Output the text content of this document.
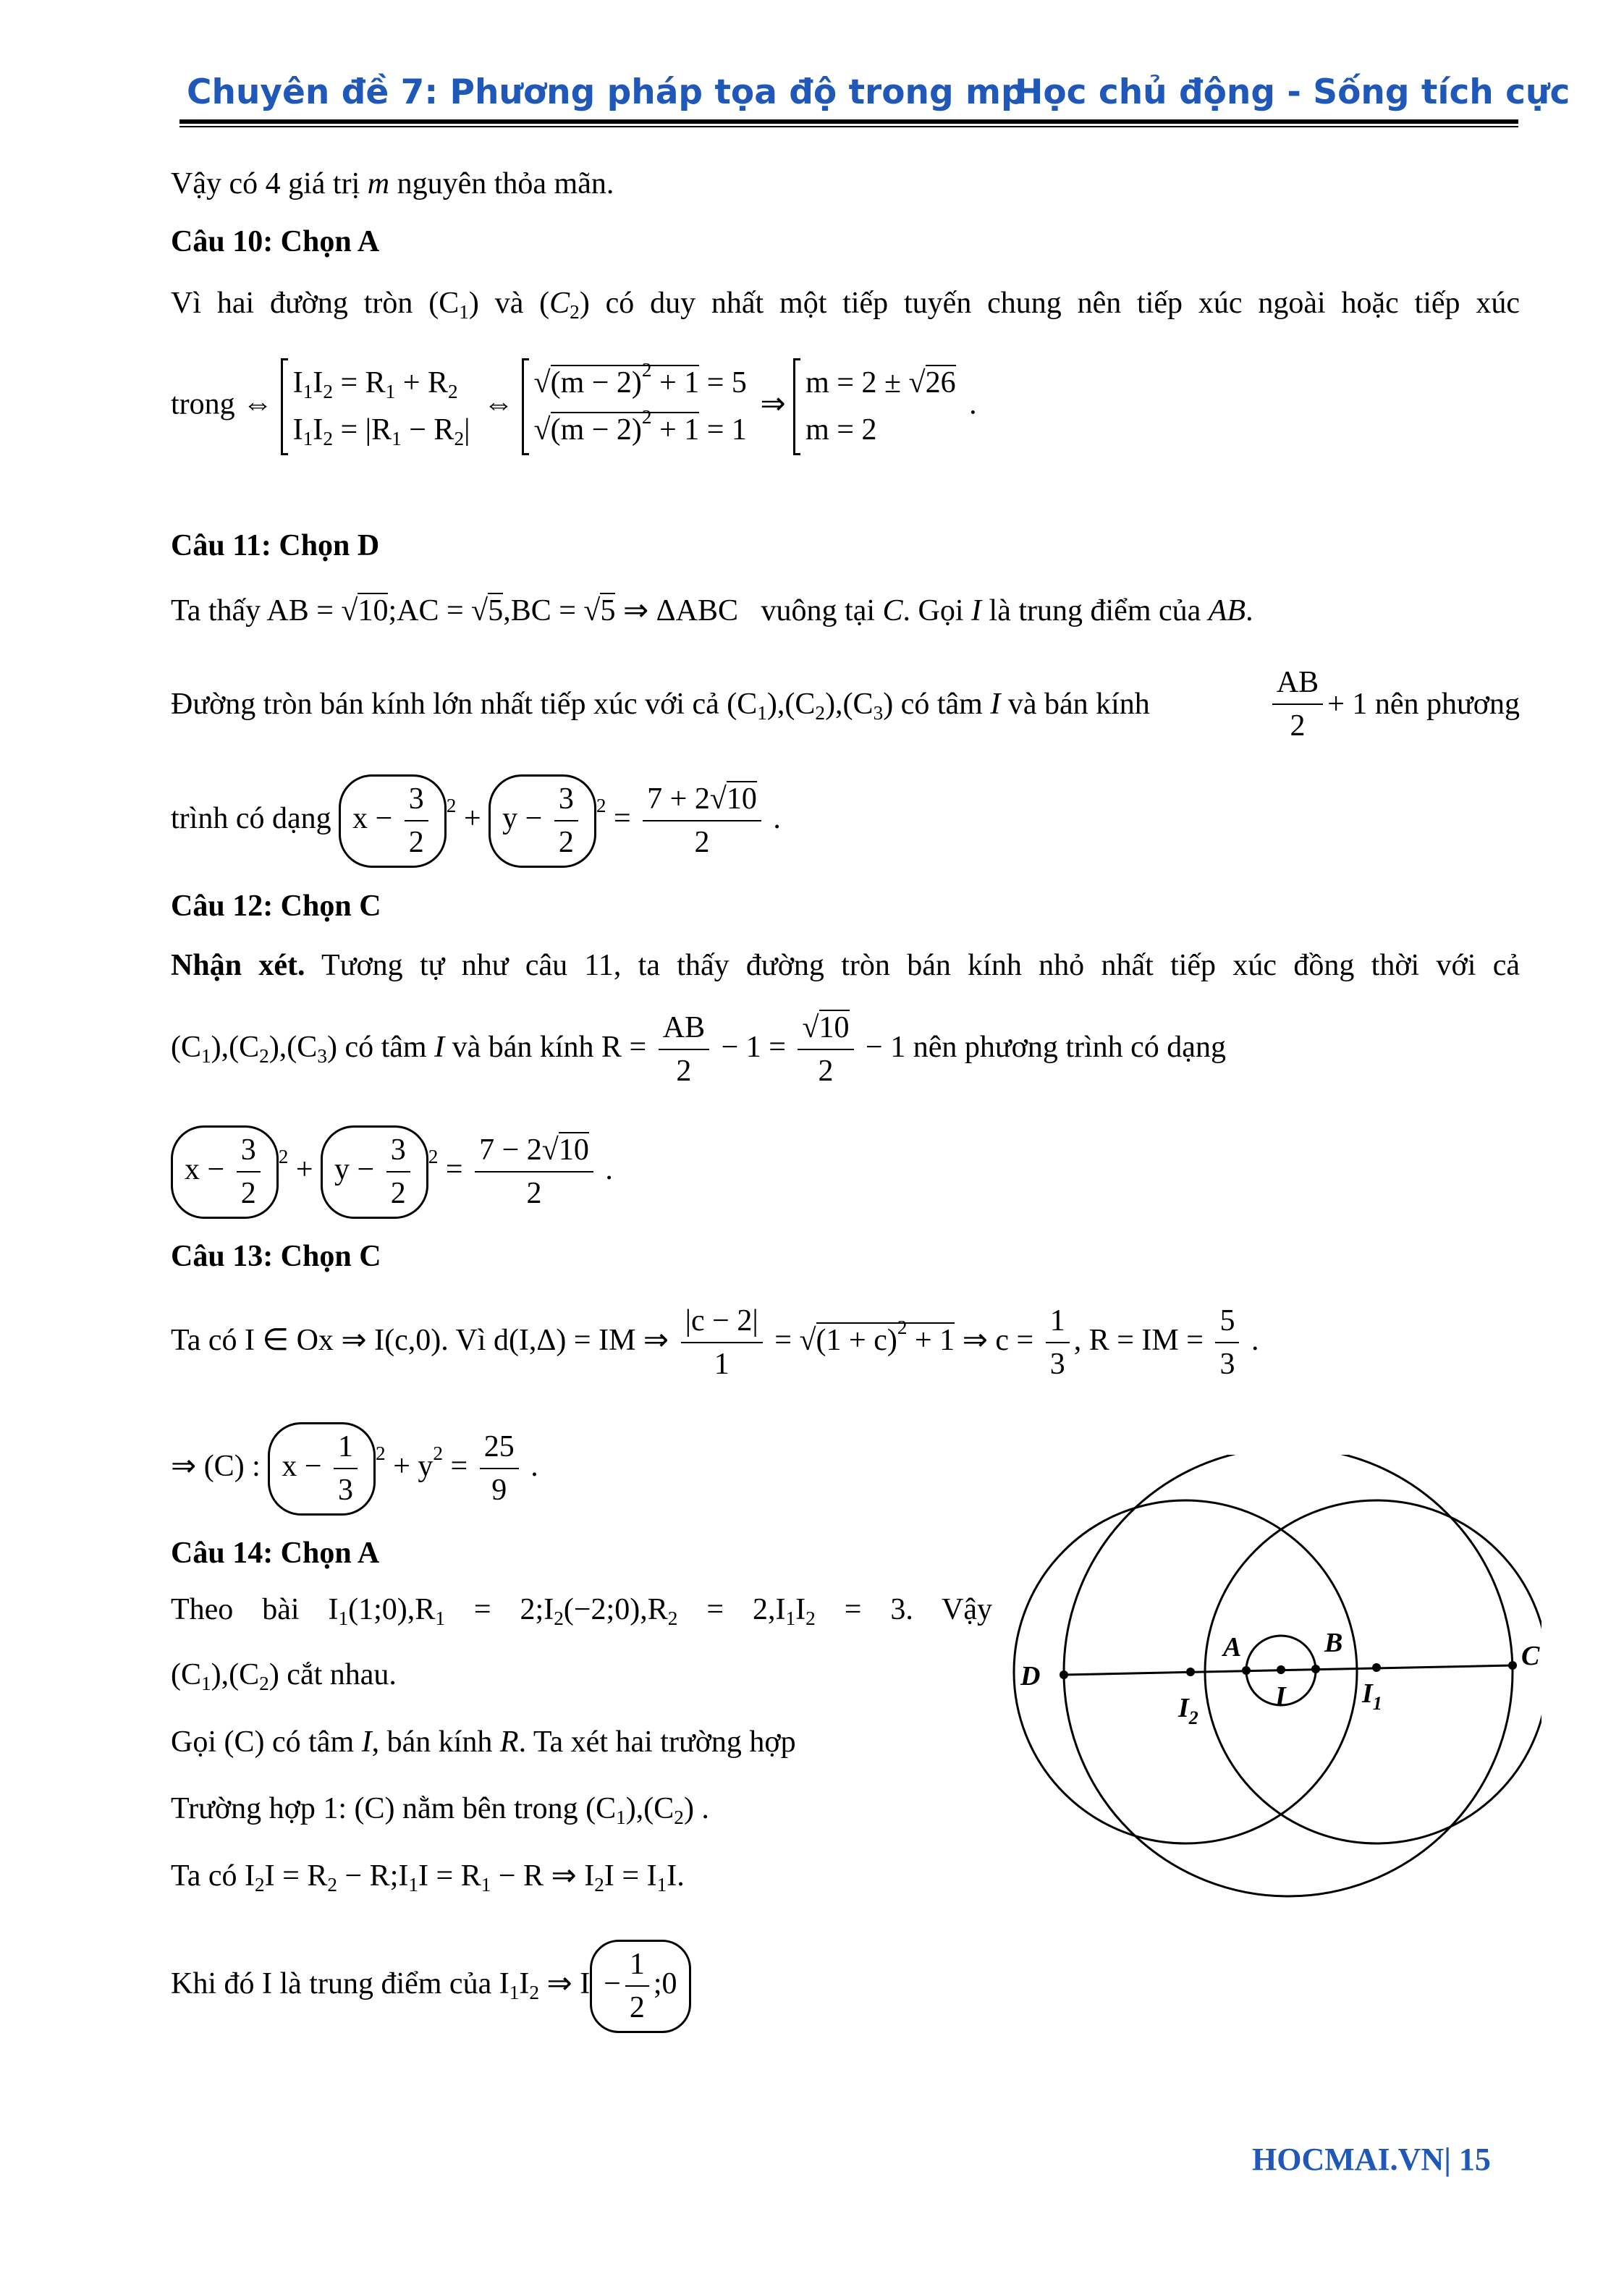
Chuyên đề 7: Phương pháp tọa độ trong mp
Học chủ động - Sống tích cực
Vậy có 4 giá trị m nguyên thỏa mãn.
Câu 10: Chọn A
Vì hai đường tròn $(C_1)$ và $(C_2)$ có duy nhất một tiếp tuyến chung nên tiếp xúc ngoài hoặc tiếp xúc
trong ⇔
$I_1I_2 = R_1 + R_2$
$I_1I_2 = |R_1 - R_2|$
⇔
$√(m - 2)^2 + 1 = 5$
$√(m - 2)^2 + 1 = 1$
⇒
m = 2 ± √26
m = 2
.
Câu 11: Chọn D
Ta thấy AB = √10;AC = √5,BC = √5 ⇒ ΔABC   vuông tại C. Gọi I là trung điểm của AB.
Đường tròn bán kính lớn nhất tiếp xúc với cả $(C_1),(C_2),(C_3)$ có tâm I và bán kính	$\frac{AB}{2} + 1$ nên phương
trình có dạng $x - \frac{3}{2} ^2 + y - \frac{3}{2} ^2 = \frac{7 + 2√10}{2}$ .
Câu 12: Chọn C
Nhận xét. Tương tự như câu 11, ta thấy đường tròn bán kính nhỏ nhất tiếp xúc đồng thời với cả
$(C_1),(C_2),(C_3)$ có tâm I và bán kính $R = \frac{AB}{2} - 1 = \frac{√10}{2} - 1$ nên phương trình có dạng
$x - \frac{3}{2} ^2 + y - \frac{3}{2} ^2 = \frac{7 - 2√10}{2}$ .
Câu 13: Chọn C
Ta có I ∈ Ox ⇒ I(c,0). Vì d(I,Δ) = IM ⇒ $\frac{|c - 2|}{1} = √(1 + c)^2 + 1$ ⇒ $c = \frac{1}{3}$ , R = IM = $\frac{5}{3}$ .
⇒ (C) : $x - \frac{1}{3} ^2 + y^2 = \frac{25}{9}$ .
Câu 14: Chọn A
Theo bài $I_1(1;0),R_1$ = $2;I_2(-2;0),R_2 = 2,I_1I_2 = 3$. Vậy
$(C_1),(C_2)$ cắt nhau.
Gọi (C) có tâm I, bán kính R. Ta xét hai trường hợp
Trường hợp 1: (C) nằm bên trong $(C_1),(C_2)$ .
Ta có $I_2I = R_2$ − $R;I_1I = R_1 - R$ ⇒ $I_2I = I_1I$.
Khi đó I là trung điểm của $I_1I_2$ ⇒ $I - \frac{1}{2}$ ;0
D
A	B	C
I	$I_1$
$I_2$
HOCMAI.VN| 15
